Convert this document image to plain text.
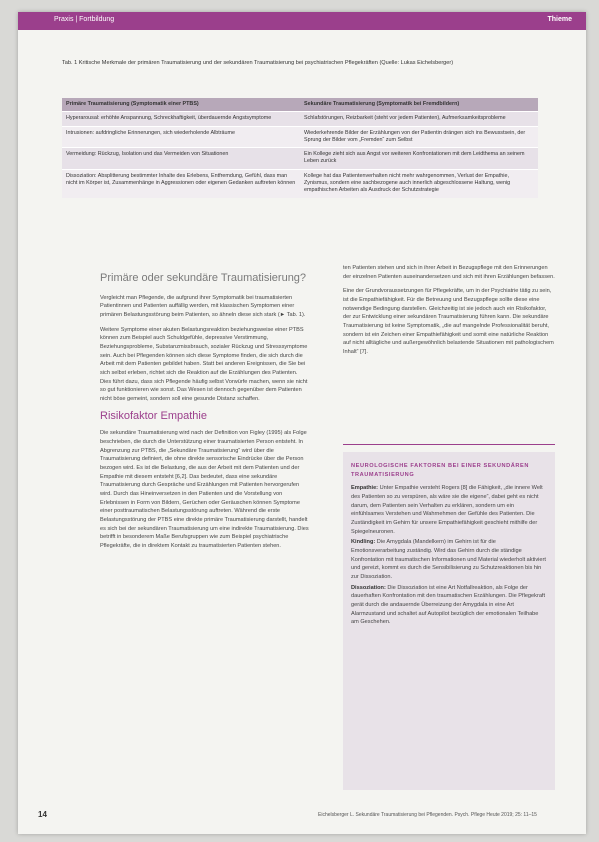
Praxis | Fortbildung	Thieme
Tab. 1 Kritische Merkmale der primären Traumatisierung und der sekundären Traumatisierung bei psychiatrischen Pflegekräften (Quelle: Lukas Eichelsberger)
Primäre Traumatisierung (Symptomatik einer PTBS)	Sekundäre Traumatisierung (Symptomatik bei Fremdbildern)
Hyperarousal: erhöhte Anspannung, Schreckhaftigkeit, überdauernde Angstsymptome	Schlafstörungen, Reizbarkeit (steht vor jedem Patienten), Aufmerksamkeitsprobleme
Intrusionen: aufdringliche Erinnerungen, sich wiederholende Albträume	Wiederkehrende Bilder der Erzählungen von der Patientin drängen sich ins Bewusstsein, der Sprung der Bilder vom „Fremden“ zum Selbst
Vermeidung: Rückzug, Isolation und das Vermeiden von Situationen	Ein Kollege zieht sich aus Angst vor weiteren Konfrontationen mit dem Leidthema an seinem Leben zurück
Dissoziation: Absplitterung bestimmter Inhalte des Erlebens, Entfremdung, Gefühl, dass man nicht im Körper ist, Zusammenhänge in Aggressionen oder eigenen Gedanken auftreten können	Kollege hat das Patientenverhalten nicht mehr wahrgenommen, Verlust der Empathie, Zynismus, sondern eine sachbezogene auch innerlich abgeschlossene Haltung, wenig empathischen Arbeiten als Ausdruck der Schutzstrategie
Primäre oder sekundäre Traumatisierung?

Vergleicht man Pflegende, die aufgrund ihrer Symptomatik bei traumatisierten Patientinnen und Patienten auffällig werden, mit klassischen Symptomen einer primären Belastungsstörung beim Patienten, so ähneln diese sich stark (► Tab. 1).

Weitere Symptome einer akuten Belastungsreaktion beziehungsweise einer PTBS können zum Beispiel auch Schuldgefühle, depressive Verstimmung, Beziehungsprobleme, Substanzmissbrauch, sozialer Rückzug und Stresssymptome sein. Auch bei Pflegenden können sich diese Symptome finden, die sich durch die Arbeit mit dem Patienten gebildet haben. Statt bei anderen Ereignissen, die Sie bei sich selbst erleben, richtet sich die Reaktion auf die Erzählungen des Patienten. Dies führt dazu, dass sich Pflegende häufig selbst Vorwürfe machen, wenn sie nicht so gut funktionieren wie sonst. Das Wesen ist dennoch gegenüber dem Patienten nicht böse gemeint, sondern soll eine gesunde Distanz schaffen.

Risikofaktor Empathie

Die sekundäre Traumatisierung wird nach der Definition von Figley (1995) als Folge beschrieben, die durch die Unterstützung einer traumatisierten Person entsteht. In Abgrenzung zur PTBS, die „Sekundäre Traumatisierung“ wird über die Traumatisierung definiert, die ohne direkte sensorische Eindrücke über die Person bezogen wird. Es ist die Belastung, die aus der Arbeit mit dem Patienten und der Empathie mit diesem entsteht [6,2]. Das bedeutet, dass eine sekundäre Traumatisierung durch Gespräche und Erzählungen mit Patienten hervorgerufen wird. Durch das Hineinversetzen in den Patienten und die Vorstellung von Erlebnissen in Form von Bildern, Gerüchen oder Geräuschen können Symptome einer posttraumatischen Belastungsstörung auftreten. Während die erste Belastungsstörung der PTBS eine direkte primäre Traumatisierung darstellt, handelt es sich bei der sekundären Traumatisierung um eine indirekte Traumatisierung. Dies betrifft in besonderem Maße Berufsgruppen wie zum Beispiel psychiatrische Pflegekräfte, die in direktem Kontakt zu traumatisierten Patienten stehen.

ten Patienten stehen und sich in ihrer Arbeit in Bezugspflege mit den Erinnerungen der einzelnen Patienten auseinandersetzen und sich mit ihren Erzählungen befassen.

Eine der Grundvoraussetzungen für Pflegekräfte, um in der Psychiatrie tätig zu sein, ist die Empathiefähigkeit. Für die Betreuung und Bezugspflege sollte diese eine notwendige Bedingung darstellen. Gleichzeitig ist sie jedoch auch ein Risikofaktor, der zur Entwicklung einer sekundären Traumatisierung führen kann. Die sekundäre Traumatisierung ist keine Symptomatik, „die auf mangelnde Professionalität beruht, sondern ist ein Zeichen einer Empathiefähigkeit und somit eine natürliche Reaktion auf nicht alltägliche und außergewöhnlich belastende Situationen mit pathologischem Inhalt“ [7].

NEUROLOGISCHE FAKTOREN BEI EINER SEKUNDÄREN TRAUMATISIERUNG

Empathie: Unter Empathie versteht Rogers [8] die Fähigkeit, „die innere Welt des Patienten so zu verspüren, als wäre sie die eigene“, dabei geht es nicht darum, dem Patienten sein Verhalten zu erklären, sondern um ein einfühlsames Verstehen und Wahrnehmen der Gefühle des Patienten. Die Zuständigkeit im Gehirn für unsere Empathiefähigkeit geschieht mithilfe der Spiegelneuronen.

Kindling: Die Amygdala (Mandelkern) im Gehirn ist für die Emotionsverarbeitung zuständig. Wird das Gehirn durch die ständige Konfrontation mit traumatischen Informationen und Material wiederholt aktiviert und gereizt, kommt es durch die Sensibilisierung zu Schutzreaktionen bis hin zur Dissoziation.

Dissoziation: Die Dissoziation ist eine Art Notfallreaktion, als Folge der dauerhaften Konfrontation mit den traumatischen Erzählungen. Die Pflegekraft gerät durch die andauernde Überreizung der Amygdala in eine Art Alarmzustand und schaltet auf Autopilot bezüglich der emotionalen Teilhabe am Geschehen.

14	Eichelsberger L. Sekundäre Traumatisierung bei Pflegenden. Psych. Pflege Heute 2019; 25: 11–15
